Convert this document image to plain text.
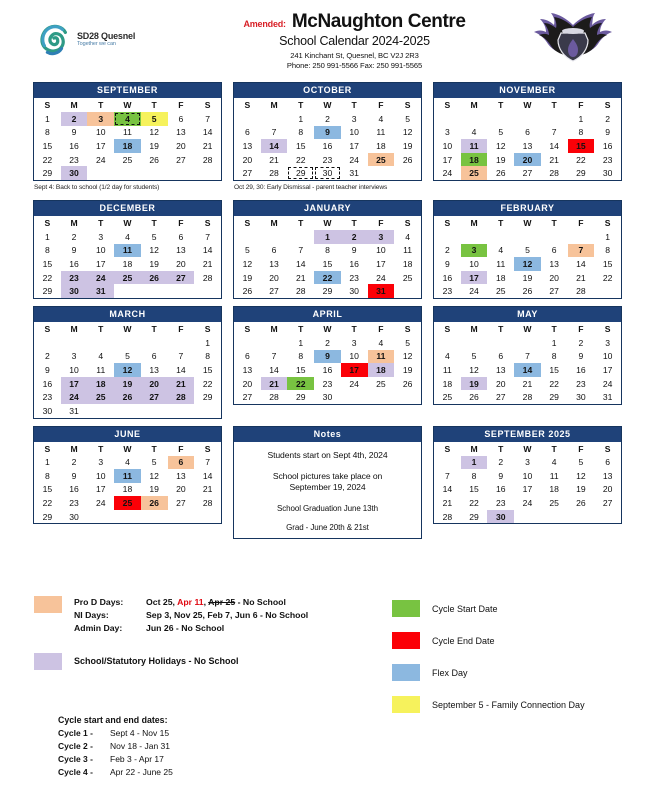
SD28 Quesnel
Together we can
Amended: McNaughton Centre
School Calendar 2024-2025
241 Kinchant St, Quesnel, BC V2J 2R3
Phone: 250 991-5566 Fax: 250 991-5565
SEPTEMBER
S	M	T	W	T	F	S
1	2	3	4	5	6	7
8	9	10	11	12	13	14
15	16	17	18	19	20	21
22	23	24	25	26	27	28
29	30					
Sept 4: Back to school (1/2 day for students)
OCTOBER
S	M	T	W	T	F	S
		1	2	3	4	5
6	7	8	9	10	11	12
13	14	15	16	17	18	19
20	21	22	23	24	25	26
27	28	29	30	31		
Oct 29, 30: Early Dismissal - parent teacher interviews
NOVEMBER
S	M	T	W	T	F	S
					1	2
3	4	5	6	7	8	9
10	11	12	13	14	15	16
17	18	19	20	21	22	23
24	25	26	27	28	29	30
DECEMBER
S	M	T	W	T	F	S
1	2	3	4	5	6	7
8	9	10	11	12	13	14
15	16	17	18	19	20	21
22	23	24	25	26	27	28
29	30	31				
JANUARY
S	M	T	W	T	F	S
			1	2	3	4
5	6	7	8	9	10	11
12	13	14	15	16	17	18
19	20	21	22	23	24	25
26	27	28	29	30	31	
FEBRUARY
S	M	T	W	T	F	S
						1
2	3	4	5	6	7	8
9	10	11	12	13	14	15
16	17	18	19	20	21	22
23	24	25	26	27	28	
MARCH
S	M	T	W	T	F	S
						1
2	3	4	5	6	7	8
9	10	11	12	13	14	15
16	17	18	19	20	21	22
23	24	25	26	27	28	29
30	31					
APRIL
S	M	T	W	T	F	S
		1	2	3	4	5
6	7	8	9	10	11	12
13	14	15	16	17	18	19
20	21	22	23	24	25	26
27	28	29	30			
MAY
S	M	T	W	T	F	S
				1	2	3
4	5	6	7	8	9	10
11	12	13	14	15	16	17
18	19	20	21	22	23	24
25	26	27	28	29	30	31
JUNE
S	M	T	W	T	F	S
1	2	3	4	5	6	7
8	9	10	11	12	13	14
15	16	17	18	19	20	21
22	23	24	25	26	27	28
29	30					
Notes
Students start on Sept 4th, 2024
School pictures take place on
September 19, 2024
School Graduation June 13th
Grad - June 20th & 21st
SEPTEMBER 2025
S	M	T	W	T	F	S
	1	2	3	4	5	6
7	8	9	10	11	12	13
14	15	16	17	18	19	20
21	22	23	24	25	26	27
28	29	30				
Pro D Days:	Oct 25, Apr 11, Apr 25 - No School
NI Days:	Sep 3, Nov 25, Feb 7, Jun 6 - No School
Admin Day:	Jun 26 - No School
School/Statutory Holidays - No School
Cycle Start Date
Cycle End Date
Flex Day
September 5 - Family Connection Day
Cycle start and end dates:
Cycle 1 -	Sept 4 - Nov 15
Cycle 2 -	Nov 18 - Jan 31
Cycle 3 -	Feb 3 - Apr 17
Cycle 4 -	Apr 22 - June 25
